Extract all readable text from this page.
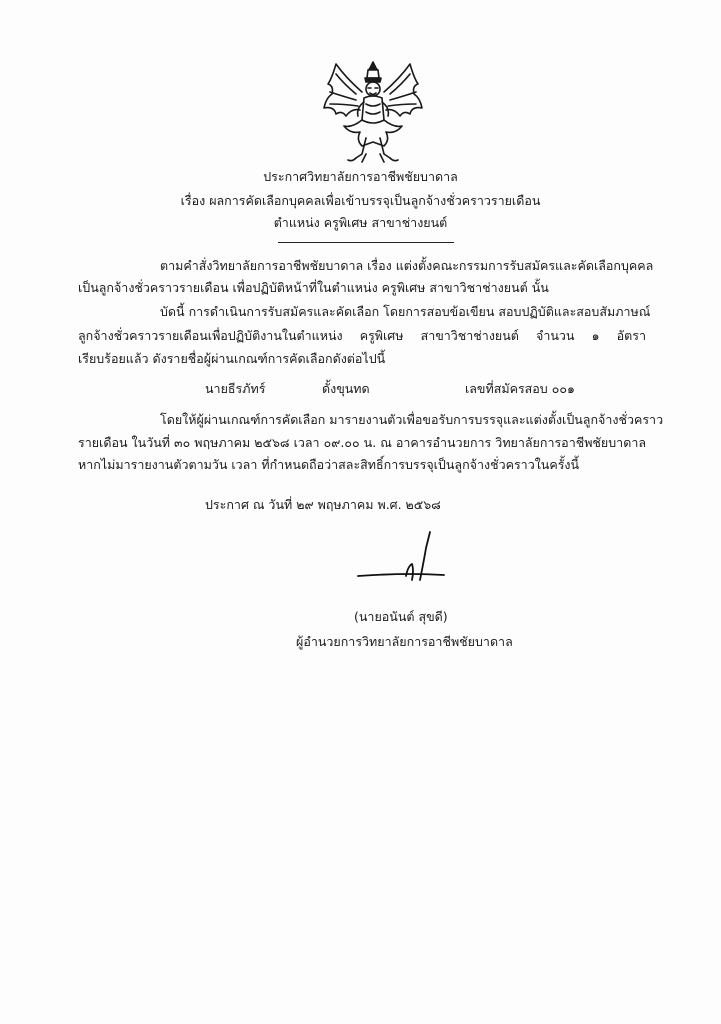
ประกาศวิทยาลัยการอาชีพชัยบาดาล
เรื่อง ผลการคัดเลือกบุคคลเพื่อเข้าบรรจุเป็นลูกจ้างชั่วคราวรายเดือน
ตำแหน่ง ครูพิเศษ สาขาช่างยนต์
ตามคำสั่งวิทยาลัยการอาชีพชัยบาดาล เรื่อง แต่งตั้งคณะกรรมการรับสมัครและคัดเลือกบุคคล
เป็นลูกจ้างชั่วคราวรายเดือน เพื่อปฏิบัติหน้าที่ในตำแหน่ง ครูพิเศษ สาขาวิชาช่างยนต์ นั้น
บัดนี้ การดำเนินการรับสมัครและคัดเลือก โดยการสอบข้อเขียน สอบปฏิบัติและสอบสัมภาษณ์
ลูกจ้างชั่วคราวรายเดือนเพื่อปฏิบัติงานในตำแหน่ง ครูพิเศษ สาขาวิชาช่างยนต์ จำนวน ๑ อัตรา
เรียบร้อยแล้ว ดังรายชื่อผู้ผ่านเกณฑ์การคัดเลือกดังต่อไปนี้
นายธีรภัทร์	ดั้งขุนทด	เลขที่สมัครสอบ ๐๐๑
โดยให้ผู้ผ่านเกณฑ์การคัดเลือก มารายงานตัวเพื่อขอรับการบรรจุและแต่งตั้งเป็นลูกจ้างชั่วคราว
รายเดือน ในวันที่ ๓๐ พฤษภาคม ๒๕๖๘ เวลา ๐๙.๐๐ น. ณ อาคารอำนวยการ วิทยาลัยการอาชีพชัยบาดาล
หากไม่มารายงานตัวตามวัน เวลา ที่กำหนดถือว่าสละสิทธิ์การบรรจุเป็นลูกจ้างชั่วคราวในครั้งนี้
ประกาศ ณ วันที่ ๒๙ พฤษภาคม พ.ศ. ๒๕๖๘
(นายอนันต์ สุขดี)
ผู้อำนวยการวิทยาลัยการอาชีพชัยบาดาล
